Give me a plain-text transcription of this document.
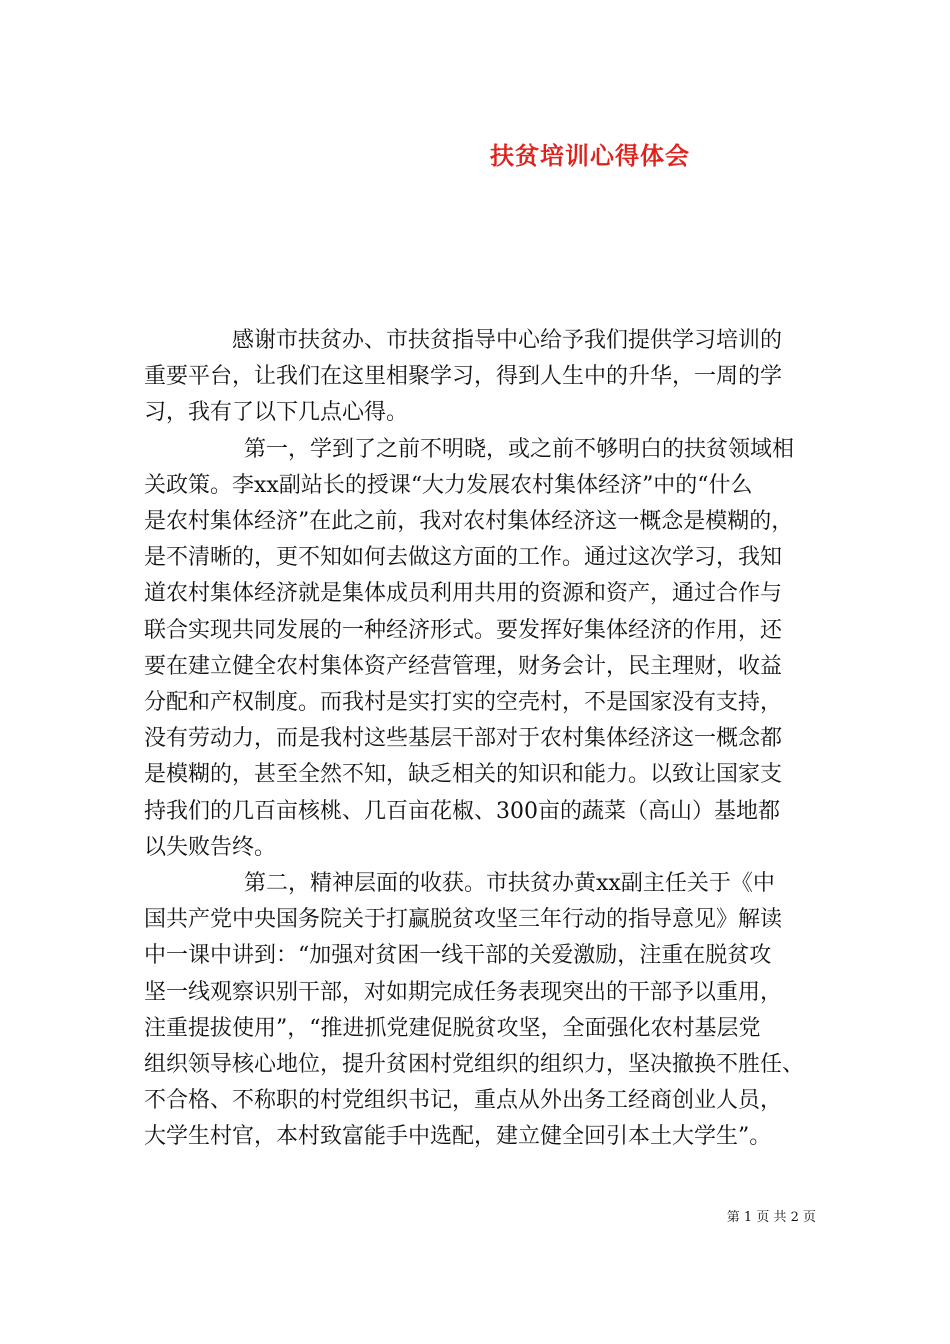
扶贫培训心得体会
感谢市扶贫办、市扶贫指导中心给予我们提供学习培训的
重要平台，让我们在这里相聚学习，得到人生中的升华，一周的学
习，我有了以下几点心得。
第一，学到了之前不明晓，或之前不够明白的扶贫领域相
关政策。李xx副站长的授课“大力发展农村集体经济”中的“什么
是农村集体经济”在此之前，我对农村集体经济这一概念是模糊的，
是不清晰的，更不知如何去做这方面的工作。通过这次学习，我知
道农村集体经济就是集体成员利用共用的资源和资产，通过合作与
联合实现共同发展的一种经济形式。要发挥好集体经济的作用，还
要在建立健全农村集体资产经营管理，财务会计，民主理财，收益
分配和产权制度。而我村是实打实的空壳村，不是国家没有支持，
没有劳动力，而是我村这些基层干部对于农村集体经济这一概念都
是模糊的，甚至全然不知，缺乏相关的知识和能力。以致让国家支
持我们的几百亩核桃、几百亩花椒、300亩的蔬菜（高山）基地都
以失败告终。
第二，精神层面的收获。市扶贫办黄xx副主任关于《中
国共产党中央国务院关于打赢脱贫攻坚三年行动的指导意见》解读
中一课中讲到：“加强对贫困一线干部的关爱激励，注重在脱贫攻
坚一线观察识别干部，对如期完成任务表现突出的干部予以重用，
注重提拔使用”，“推进抓党建促脱贫攻坚，全面强化农村基层党
组织领导核心地位，提升贫困村党组织的组织力，坚决撤换不胜任、
不合格、不称职的村党组织书记，重点从外出务工经商创业人员，
大学生村官，本村致富能手中选配，建立健全回引本土大学生”。
第 1 页 共 2 页
